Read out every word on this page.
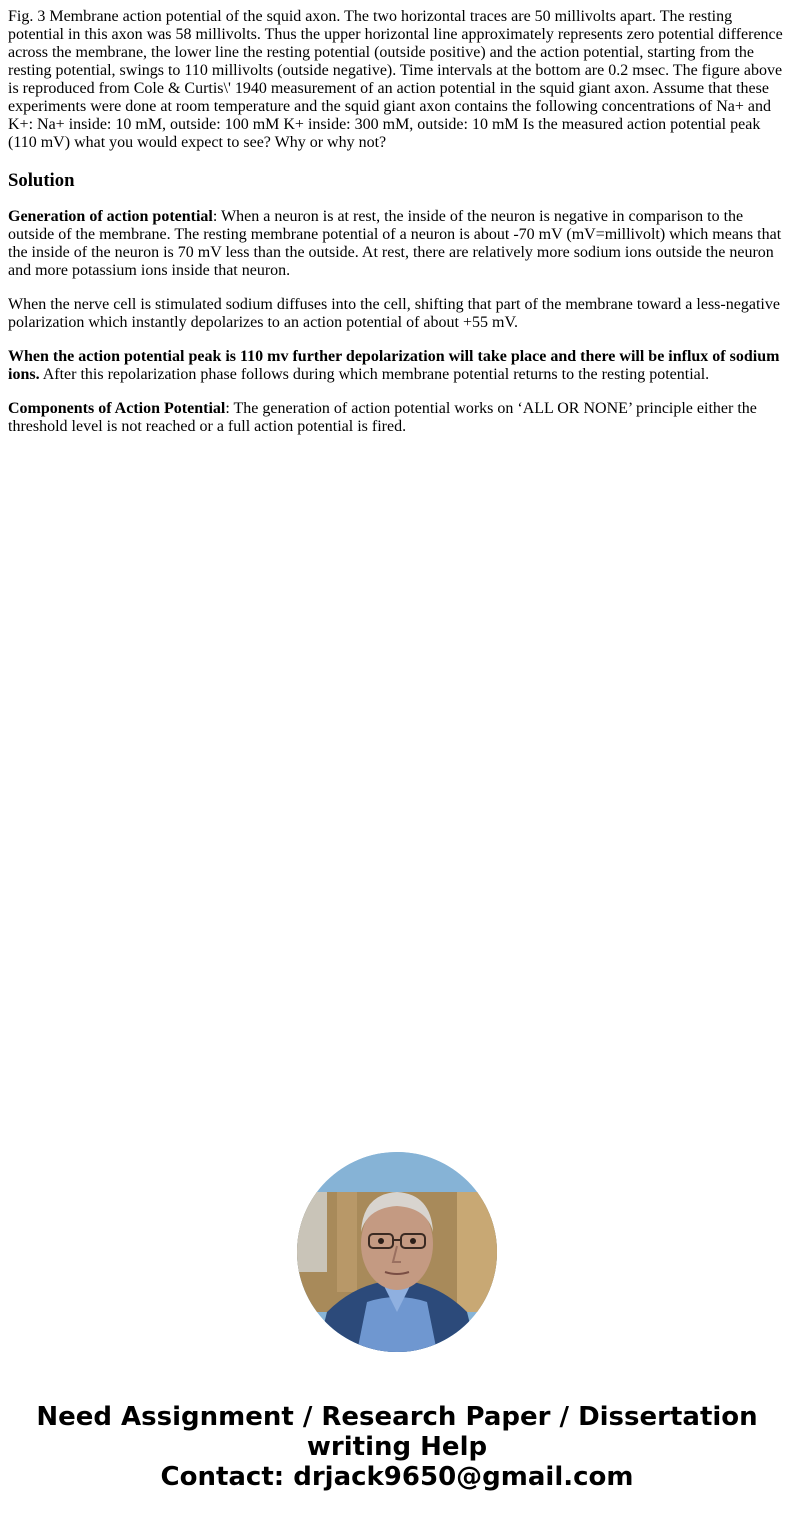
Fig. 3 Membrane action potential of the squid axon. The two horizontal traces are 50 millivolts apart. The resting potential in this axon was 58 millivolts. Thus the upper horizontal line approximately represents zero potential difference across the membrane, the lower line the resting potential (outside positive) and the action potential, starting from the resting potential, swings to 110 millivolts (outside negative). Time intervals at the bottom are 0.2 msec. The figure above is reproduced from Cole & Curtis\' 1940 measurement of an action potential in the squid giant axon. Assume that these experiments were done at room temperature and the squid giant axon contains the following concentrations of Na+ and K+: Na+ inside: 10 mM, outside: 100 mM K+ inside: 300 mM, outside: 10 mM Is the measured action potential peak (110 mV) what you would expect to see? Why or why not?

Solution

Generation of action potential: When a neuron is at rest, the inside of the neuron is negative in comparison to the outside of the membrane. The resting membrane potential of a neuron is about -70 mV (mV=millivolt) which means that the inside of the neuron is 70 mV less than the outside. At rest, there are relatively more sodium ions outside the neuron and more potassium ions inside that neuron.

When the nerve cell is stimulated sodium diffuses into the cell, shifting that part of the membrane toward a less-negative polarization which instantly depolarizes to an action potential of about +55 mV.

When the action potential peak is 110 mv further depolarization will take place and there will be influx of sodium ions. After this repolarization phase follows during which membrane potential returns to the resting potential.

Components of Action Potential: The generation of action potential works on ‘ALL OR NONE’ principle either the threshold level is not reached or a full action potential is fired.

Need Assignment / Research Paper / Dissertation writing Help
Contact: drjack9650@gmail.com
